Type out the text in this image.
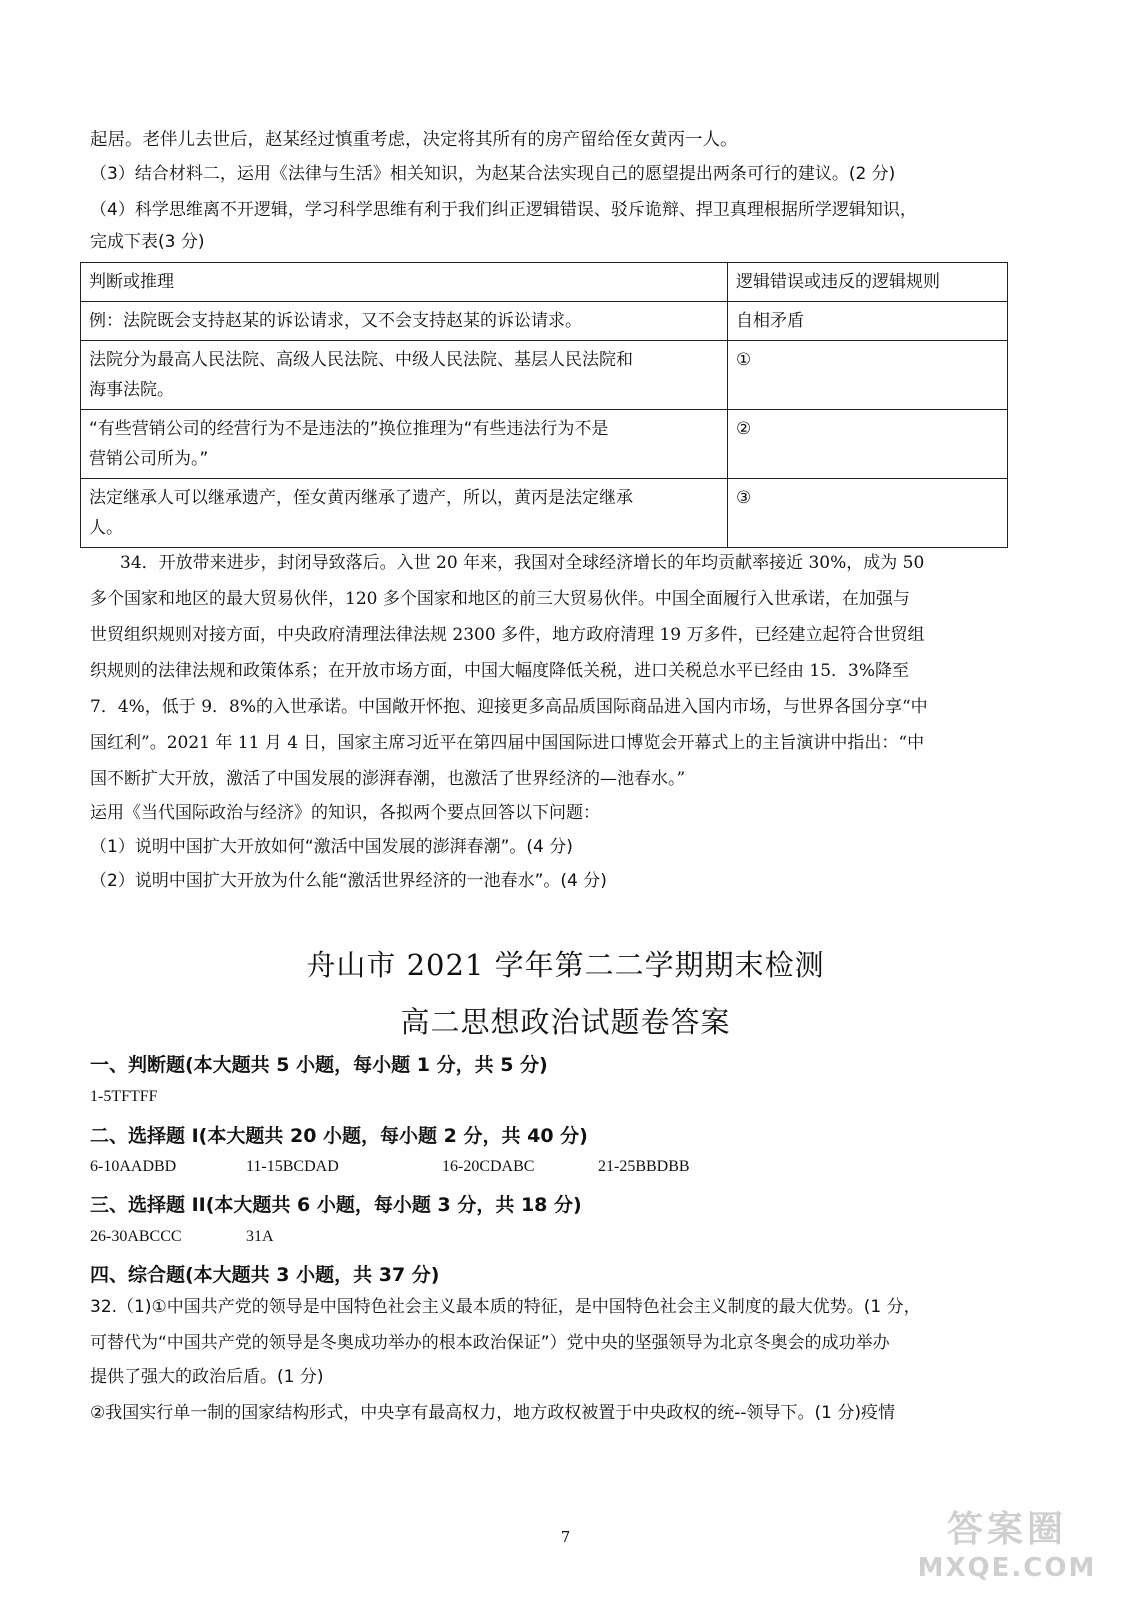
起居。老伴儿去世后，赵某经过慎重考虑，决定将其所有的房产留给侄女黄丙一人。
（3）结合材料二，运用《法律与生活》相关知识，为赵某合法实现自己的愿望提出两条可行的建议。(2 分)
（4）科学思维离不开逻辑，学习科学思维有利于我们纠正逻辑错误、驳斥诡辩、捍卫真理根据所学逻辑知识，
完成下表(3 分)
判断或推理	逻辑错误或违反的逻辑规则
例：法院既会支持赵某的诉讼请求，又不会支持赵某的诉讼请求。	自相矛盾

法院分为最高人民法院、高级人民法院、中级人民法院、基层人民法院和
海事法院。	①

“有些营销公司的经营行为不是违法的”换位推理为“有些违法行为不是
营销公司所为。”	②

法定继承人可以继承遗产，侄女黄丙继承了遗产，所以，黄丙是法定继承
人。	③
34．开放带来进步，封闭导致落后。入世 20 年来，我国对全球经济增长的年均贡献率接近 30%，成为 50
多个国家和地区的最大贸易伙伴，120 多个国家和地区的前三大贸易伙伴。中国全面履行入世承诺，在加强与
世贸组织规则对接方面，中央政府清理法律法规 2300 多件，地方政府清理 19 万多件，已经建立起符合世贸组
织规则的法律法规和政策体系；在开放市场方面，中国大幅度降低关税，进口关税总水平已经由 15．3%降至
7．4%，低于 9．8%的入世承诺。中国敞开怀抱、迎接更多高品质国际商品进入国内市场，与世界各国分享“中
国红利”。2021 年 11 月 4 日，国家主席习近平在第四届中国国际进口博览会开幕式上的主旨演讲中指出：“中
国不断扩大开放，激活了中国发展的澎湃春潮，也激活了世界经济的—池春水。”
运用《当代国际政治与经济》的知识，各拟两个要点回答以下问题：
（1）说明中国扩大开放如何“激活中国发展的澎湃春潮”。(4 分)
（2）说明中国扩大开放为什么能“激活世界经济的一池春水”。(4 分)
舟山市 2021 学年第二二学期期末检测
高二思想政治试题卷答案
一、判断题(本大题共 5 小题，每小题 1 分，共 5 分)
1-5TFTFF
二、选择题 I(本大题共 20 小题，每小题 2 分，共 40 分)
6-10AADBD	11-15BCDAD	16-20CDABC	21-25BBDBB
三、选择题 II(本大题共 6 小题，每小题 3 分，共 18 分)
26-30ABCCC	31A
四、综合题(本大题共 3 小题，共 37 分)
32.（1)①中国共产党的领导是中国特色社会主义最本质的特征，是中国特色社会主义制度的最大优势。(1 分，
可替代为“中国共产党的领导是冬奥成功举办的根本政治保证”）党中央的坚强领导为北京冬奥会的成功举办
提供了强大的政治后盾。(1 分)
②我国实行单一制的国家结构形式，中央享有最高权力，地方政权被置于中央政权的统--领导下。(1 分)疫情
7	答案圈
MXQE.COM
